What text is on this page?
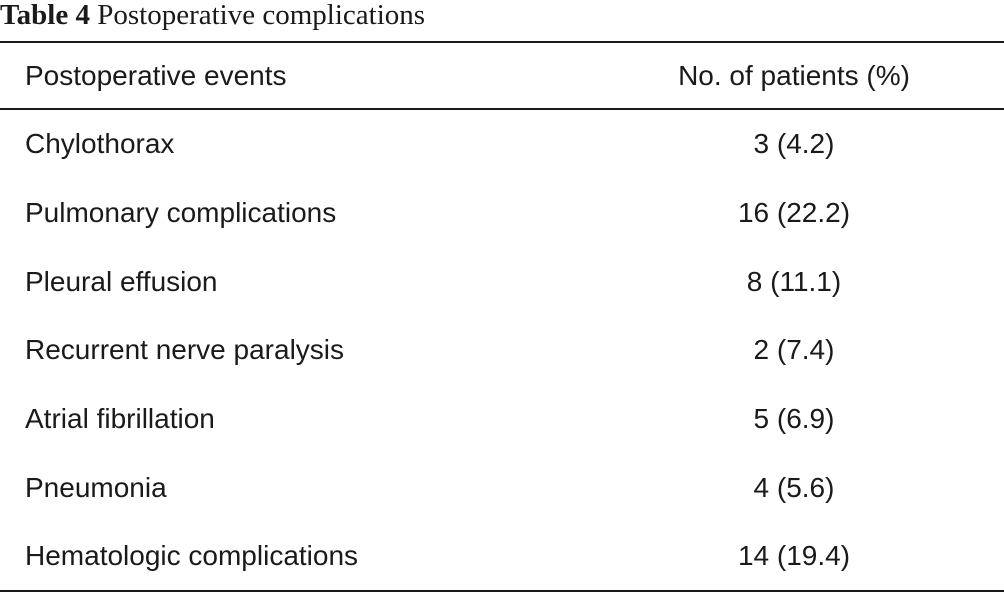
Table 4 Postoperative complications
Postoperative events	No. of patients (%)
Chylothorax	3 (4.2)
Pulmonary complications	16 (22.2)
Pleural effusion	8 (11.1)
Recurrent nerve paralysis	2 (7.4)
Atrial fibrillation	5 (6.9)
Pneumonia	4 (5.6)
Hematologic complications	14 (19.4)
